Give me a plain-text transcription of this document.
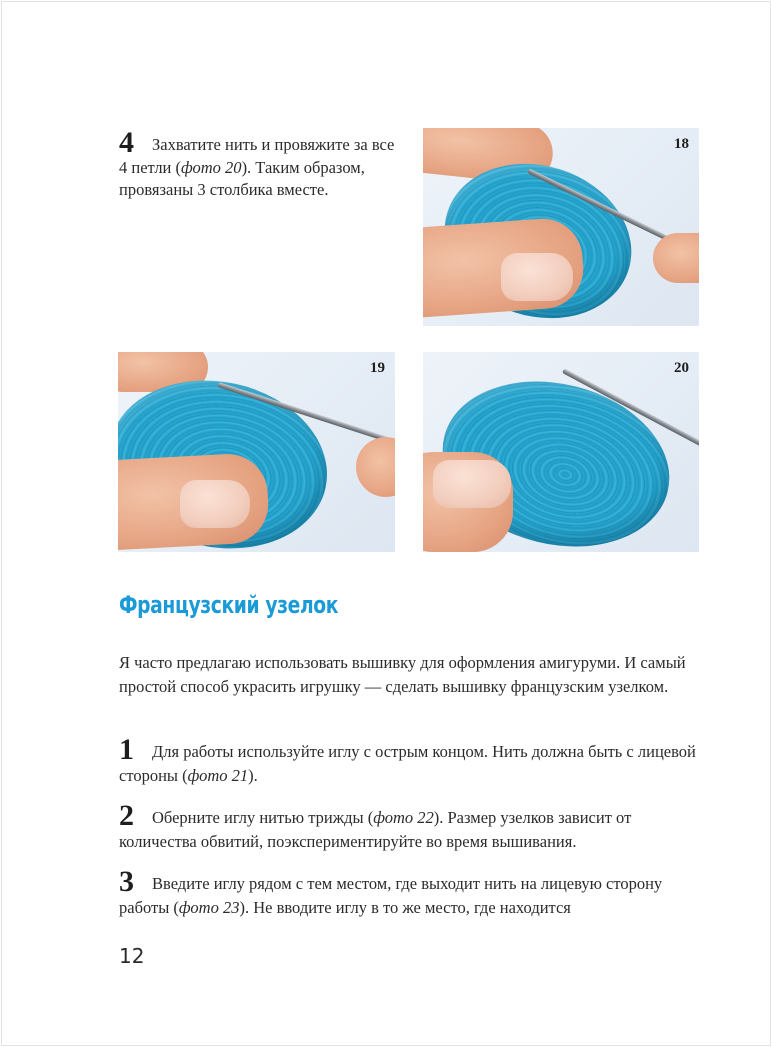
4 Захватите нить и провяжите за все 4 петли (фото 20). Таким образом, провязаны 3 столбика вместе.
18
19	20
Французский узелок
Я часто предлагаю использовать вышивку для оформления амигуруми. И самый простой способ украсить игрушку — сделать вышивку французским узелком.
1 Для работы используйте иглу с острым концом. Нить должна быть с лицевой стороны (фото 21).
2 Оберните иглу нитью трижды (фото 22). Размер узелков зависит от количества обвитий, поэкспериментируйте во время вышивания.
3 Введите иглу рядом с тем местом, где выходит нить на лицевую сторону работы (фото 23). Не вводите иглу в то же место, где находится
12
